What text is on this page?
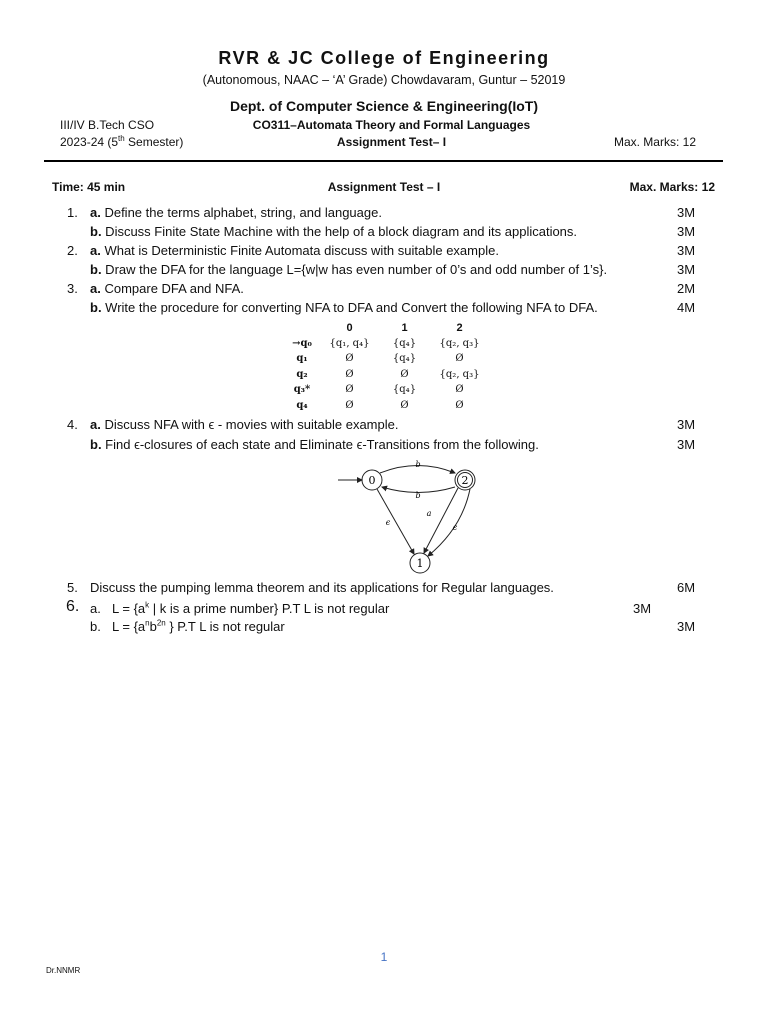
RVR & JC College of Engineering
(Autonomous, NAAC – ‘A’ Grade) Chowdavaram, Guntur – 52019
Dept. of Computer Science & Engineering(IoT)
III/IV B.Tech CSO
2023-24 (5th Semester)
CO311–Automata Theory and Formal Languages
Assignment Test– I	Max. Marks: 12
Time: 45 min	Assignment Test – I	Max. Marks: 12
1. a. Define the terms alphabet, string, and language.	3M
b. Discuss Finite State Machine with the help of a block diagram and its applications.	3M
2. a. What is Deterministic Finite Automata discuss with suitable example.	3M
b. Draw the DFA for the language L={w|w has even number of 0’s and odd number of 1’s}.	3M
3. a. Compare DFA and NFA.	2M
b. Write the procedure for converting NFA to DFA and Convert the following NFA to DFA.	4M
	0	1	2
→q₀	{q₁, q₄}	{q₄}	{q₂, q₃}
q₁	Ø	{q₄}	Ø
q₂	Ø	Ø	{q₂, q₃}
q₃*	Ø	{q₄}	Ø
q₄	Ø	Ø	Ø
4. a. Discuss NFA with ϵ - movies with suitable example.	3M
b. Find ϵ-closures of each state and Eliminate ϵ-Transitions from the following.	3M
0	2
1
b
b
a
ϵ
ϵ
5. Discuss the pumping lemma theorem and its applications for Regular languages.	6M
6. a. $L = \{a^k$ | k is a prime number} P.T L is not regular	3M
b. $L = \{a^nb^{2n}$ } P.T L is not regular	3M
1
Dr.NNMR
